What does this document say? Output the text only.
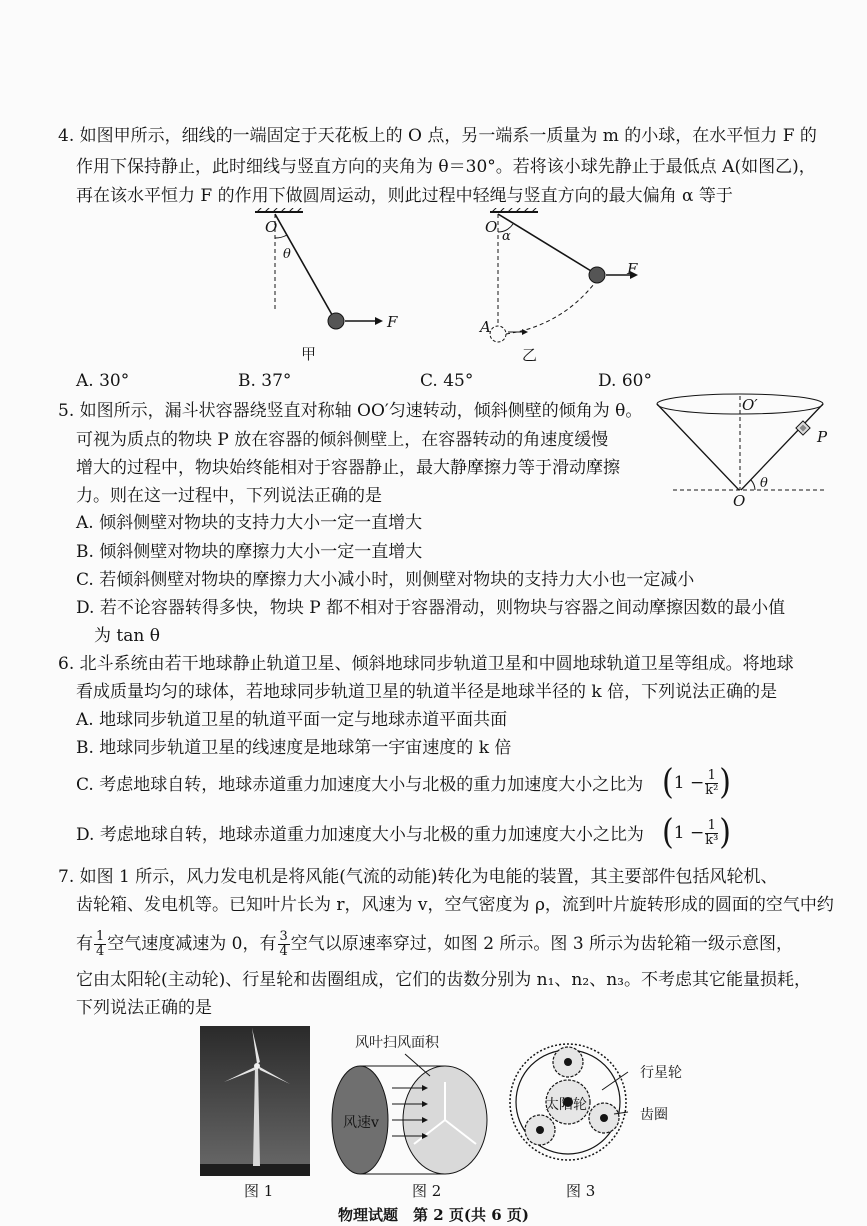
4. 如图甲所示，细线的一端固定于天花板上的 O 点，另一端系一质量为 m 的小球，在水平恒力 F 的
作用下保持静止，此时细线与竖直方向的夹角为 θ＝30°。若将该小球先静止于最低点 A(如图乙)，
再在该水平恒力 F 的作用下做圆周运动，则此过程中轻绳与竖直方向的最大偏角 α 等于
O
θ
F
甲
O
α
F
A
乙
A. 30°	B. 37°	C. 45°	D. 60°
5. 如图所示，漏斗状容器绕竖直对称轴 OO′匀速转动，倾斜侧壁的倾角为 θ。
可视为质点的物块 P 放在容器的倾斜侧壁上，在容器转动的角速度缓慢
增大的过程中，物块始终能相对于容器静止，最大静摩擦力等于滑动摩擦
力。则在这一过程中，下列说法正确的是
A. 倾斜侧壁对物块的支持力大小一定一直增大
B. 倾斜侧壁对物块的摩擦力大小一定一直增大
C. 若倾斜侧壁对物块的摩擦力大小减小时，则侧壁对物块的支持力大小也一定减小
D. 若不论容器转得多快，物块 P 都不相对于容器滑动，则物块与容器之间动摩擦因数的最小值
为 tan θ
O′
P
O
θ
6. 北斗系统由若干地球静止轨道卫星、倾斜地球同步轨道卫星和中圆地球轨道卫星等组成。将地球
看成质量均匀的球体，若地球同步轨道卫星的轨道半径是地球半径的 k 倍，下列说法正确的是
A. 地球同步轨道卫星的轨道平面一定与地球赤道平面共面
B. 地球同步轨道卫星的线速度是地球第一宇宙速度的 k 倍
C. 考虑地球自转，地球赤道重力加速度大小与北极的重力加速度大小之比为 ($1 - \frac{1}{\text{k²}}$ )
D. 考虑地球自转，地球赤道重力加速度大小与北极的重力加速度大小之比为 ($1 - \frac{1}{\text{k³}}$ )
7. 如图 1 所示，风力发电机是将风能(气流的动能)转化为电能的装置，其主要部件包括风轮机、
齿轮箱、发电机等。已知叶片长为 r，风速为 v，空气密度为 ρ，流到叶片旋转形成的圆面的空气中约
有 $\frac{1}{4}$ 空气速度减速为 0，有 $\frac{3}{4}$ 空气以原速率穿过，如图 2 所示。图 3 所示为齿轮箱一级示意图，
它由太阳轮(主动轮)、行星轮和齿圈组成，它们的齿数分别为 n₁、n₂、n₃。不考虑其它能量损耗，
下列说法正确的是
风叶扫风面积
风速v
太阳轮
行星轮
齿圈
图 1	图 2	图 3
物理试题　第 2 页(共 6 页)
